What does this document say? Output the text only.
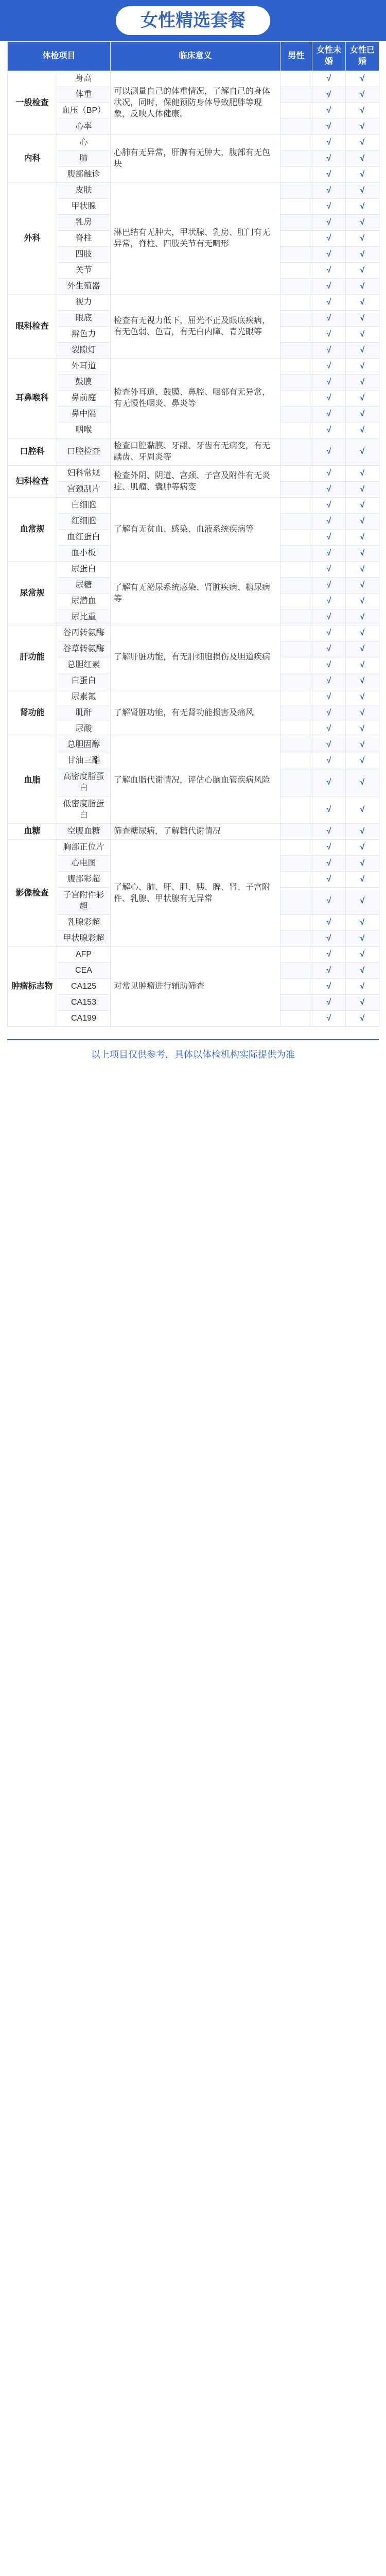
女性精选套餐
体检项目		临床意义	男性	女性未婚	女性已婚
一般检查	身高	可以测量自己的体重情况，了解自己的身体状况，同时，保健预防身体导致肥胖等现象，反映人体健康。		√	√
	体重			√	√
	血压（BP）			√	√
	心率			√	√
内科	心	心肺有无异常，肝脾有无肿大，腹部有无包块		√	√
	肺			√	√
	腹部触诊			√	√
外科	皮肤	淋巴结有无肿大，甲状腺、乳房、肛门有无异常，脊柱、四肢关节有无畸形		√	√
	甲状腺			√	√
	乳房			√	√
	脊柱			√	√
	四肢			√	√
	关节			√	√
	外生殖器			√	√
眼科检查	视力	检查有无视力低下，屈光不正及眼底疾病，有无色弱、色盲，有无白内障、青光眼等		√	√
	眼底			√	√
	辨色力			√	√
	裂隙灯			√	√
耳鼻喉科	外耳道	检查外耳道、鼓膜、鼻腔、咽部有无异常，有无慢性咽炎、鼻炎等		√	√
	鼓膜			√	√
	鼻前庭			√	√
	鼻中隔			√	√
	咽喉			√	√
口腔科	口腔检查	检查口腔黏膜、牙龈、牙齿有无病变，有无龋齿、牙周炎等		√	√
妇科检查	妇科常规	检查外阴、阴道、宫颈、子宫及附件有无炎症、肌瘤、囊肿等病变		√	√
	宫颈刮片			√	√
血常规	白细胞	了解有无贫血、感染、血液系统疾病等		√	√
	红细胞			√	√
	血红蛋白			√	√
	血小板			√	√
尿常规	尿蛋白	了解有无泌尿系统感染、肾脏疾病、糖尿病等		√	√
	尿糖			√	√
	尿潜血			√	√
	尿比重			√	√
肝功能	谷丙转氨酶	了解肝脏功能，有无肝细胞损伤及胆道疾病		√	√
	谷草转氨酶			√	√
	总胆红素			√	√
	白蛋白			√	√
肾功能	尿素氮	了解肾脏功能，有无肾功能损害及痛风		√	√
	肌酐			√	√
	尿酸			√	√
血脂	总胆固醇	了解血脂代谢情况，评估心脑血管疾病风险		√	√
	甘油三酯			√	√
	高密度脂蛋白			√	√
	低密度脂蛋白			√	√
血糖	空腹血糖	筛查糖尿病，了解糖代谢情况		√	√
影像检查	胸部正位片	了解心、肺、肝、胆、胰、脾、肾、子宫附件、乳腺、甲状腺有无异常		√	√
	心电图			√	√
	腹部彩超			√	√
	子宫附件彩超			√	√
	乳腺彩超			√	√
	甲状腺彩超			√	√
肿瘤标志物	AFP	对常见肿瘤进行辅助筛查		√	√
	CEA			√	√
	CA125			√	√
	CA153			√	√
	CA199			√	√
以上项目仅供参考，具体以体检机构实际提供为准
